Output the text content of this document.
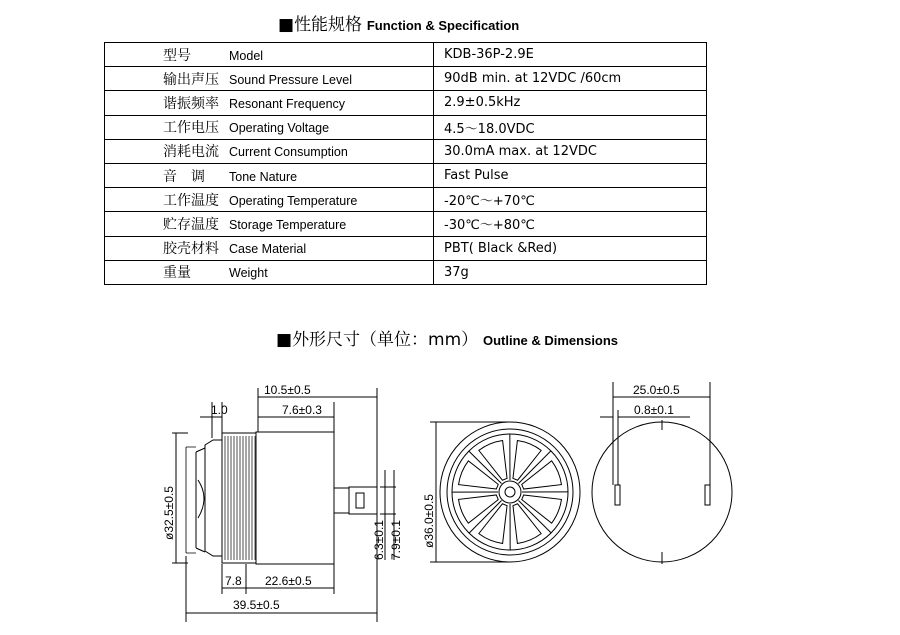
■性能规格 Function & Specification
型号 Model	KDB-36P-2.9E
输出声压 Sound Pressure Level	90dB min. at 12VDC /60cm
谐振频率 Resonant Frequency	2.9±0.5kHz
工作电压 Operating Voltage	4.5～18.0VDC
消耗电流 Current Consumption	30.0mA max. at 12VDC
音　调 Tone Nature	Fast Pulse
工作温度 Operating Temperature	-20℃～+70℃
贮存温度 Storage Temperature	-30℃～+80℃
胶壳材料 Case Material	PBT( Black &Red)
重量 Weight	37g
■外形尺寸（单位：mm） Outline & Dimensions
10.5±0.5
7.6±0.3
1.0
ø32.5±0.5
6.3±0.1 7.9±0.1
7.8 22.6±0.5
39.5±0.5
ø36.0±0.5
25.0±0.5
0.8±0.1
